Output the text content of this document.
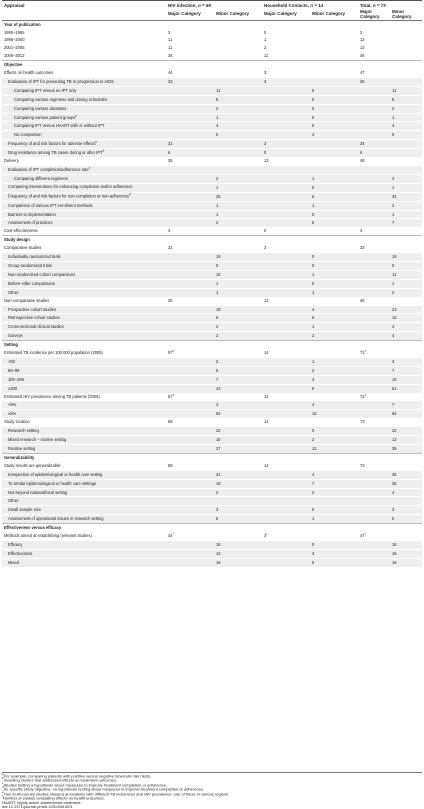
Appraisal	HIV infection, n = 59		Household Contacts, n = 14		Total, n = 73	
	Major Category	Minor Category	Major Category	Minor Category	Major Category	Minor Category
Year of publication						
1990–1995	2		0		2	
1996–2000	11		1		12	
2001–2005	11		2		13	
2006–2012	35		11		46	
Objective						
Effects on health outcomes	44		3		47	
Evaluation of IPT for preventing TB or progression to AIDS	33		3		36	
Comparing IPT versus no IPT only		11		0		11
Comparing various regimens and dosing schedules		9		0		9
Comparing various durations		2		0		2
Comparing various patient groups$^a$		1		0		1
Comparing IPT versus HAART with or without IPT		4		0		4
No comparison		6		3		9
Frequency of and risk factors for adverse effects$^b$	31		3		34	
Drug resistance among TB cases during or after IPT$^b$	6		0		6	
Delivery	35		13		48	
Evaluation of IPT completion/adherence rate$^c$						
Comparing different regimens		2		1		3
Comparing interventions for enhancing completion and/or adherence		1		0		1
Frequency of and risk factors for non-completion or non-adherence$^d$		28		6		34
Comparison of various IPT enrolment methods		1		1		2
Barriers to implementation		1		0		1
Assessment of practices		2		5		7
Cost-effectiveness	4		0		4	
Study design						
Comparative studies	31		2		33	
Individually randomized trials		19		0		19
Group-randomized trials		0		0		0
Non-randomized cohort comparisons		10		1		11
Before–after comparisons		1		0		1
Other		1		1		2
Non-comparative studies	28		12		40	
Prospective cohort studies		19		4		23
Retrospective cohort studies		5		5		10
Cross-sectional clinical studies		2		1		3
Surveys		2		2		4
Setting						
Estimated TB incidence per 100,000 population (2005)	57e		14		71e	
<50		2		1		3
50–99		5		2		7
100–299		7		3		10
≥300		43		8		51
Estimated HIV prevalence among TB patients (2005)	57e		14		71e	
<5%		3		4		7
≥5%		54		10		64
Study location	59		14		73	
Research setting		22		0		22
Mixed research – routine setting		10		2		12
Routine setting		27		12		39
Generalizability						
Study results are generalizable:	59		14		73	
Irrespective of epidemiological or health care setting		31		4		35
To similar epidemiological or health care settings		18		7		25
Not beyond national/local setting		2		2		4
Other						
Small sample size		3		0		3
Assessment of operational issues in research setting		5		1		6
Effectiveness versus efficacy						
Methods aimed at establishing (relevant studies)	44$^f$		3$^f$		47$^f$	
Efficacy		16		0		16
Effectiveness		12		3		15
Mixed		16		0		16
$^a$For example, comparing patients with positive versus negative tuberculin skin tests.
$^b$Including studies that addressed effects on treatment outcomes.
$^c$Studies testing a hypothesis about measures to improve treatment completion or adherence.
$^d$As specific study objective, no hypothesis testing about measures to improve treatment completion or adherence.
$^e$Two multi-country studies situated at locations with different TB incidences and HIV prevalence; one of these in various regions.
$^f$Number of studies evaluating effects on health outcomes.
HAART, highly active antiretroviral treatment.
doi:10.1371/journal.pmed.1001358.t001
